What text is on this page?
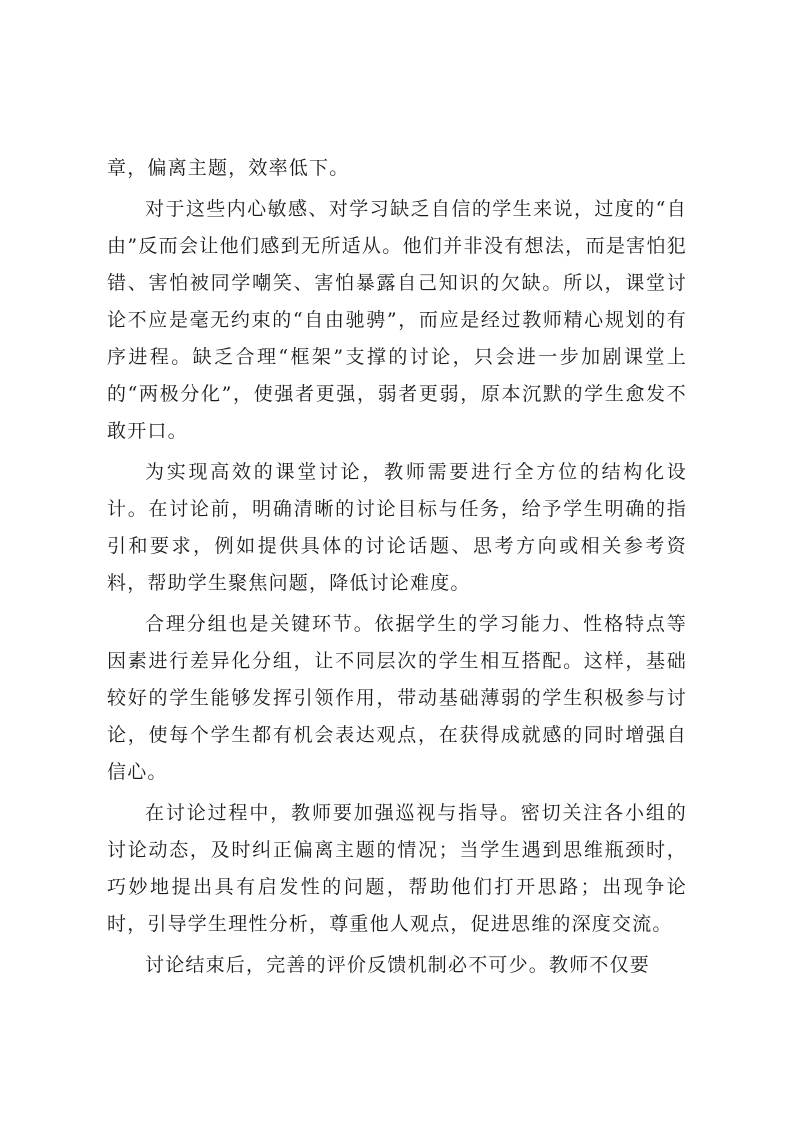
章，偏离主题，效率低下。

对于这些内心敏感、对学习缺乏自信的学生来说，过度的“自由”反而会让他们感到无所适从。他们并非没有想法，而是害怕犯错、害怕被同学嘲笑、害怕暴露自己知识的欠缺。所以，课堂讨论不应是毫无约束的“自由驰骋”，而应是经过教师精心规划的有序进程。缺乏合理“框架”支撑的讨论，只会进一步加剧课堂上的“两极分化”，使强者更强，弱者更弱，原本沉默的学生愈发不敢开口。

为实现高效的课堂讨论，教师需要进行全方位的结构化设计。在讨论前，明确清晰的讨论目标与任务，给予学生明确的指引和要求，例如提供具体的讨论话题、思考方向或相关参考资料，帮助学生聚焦问题，降低讨论难度。

合理分组也是关键环节。依据学生的学习能力、性格特点等因素进行差异化分组，让不同层次的学生相互搭配。这样，基础较好的学生能够发挥引领作用，带动基础薄弱的学生积极参与讨论，使每个学生都有机会表达观点，在获得成就感的同时增强自信心。

在讨论过程中，教师要加强巡视与指导。密切关注各小组的讨论动态，及时纠正偏离主题的情况；当学生遇到思维瓶颈时，巧妙地提出具有启发性的问题，帮助他们打开思路；出现争论时，引导学生理性分析，尊重他人观点，促进思维的深度交流。

讨论结束后，完善的评价反馈机制必不可少。教师不仅要
